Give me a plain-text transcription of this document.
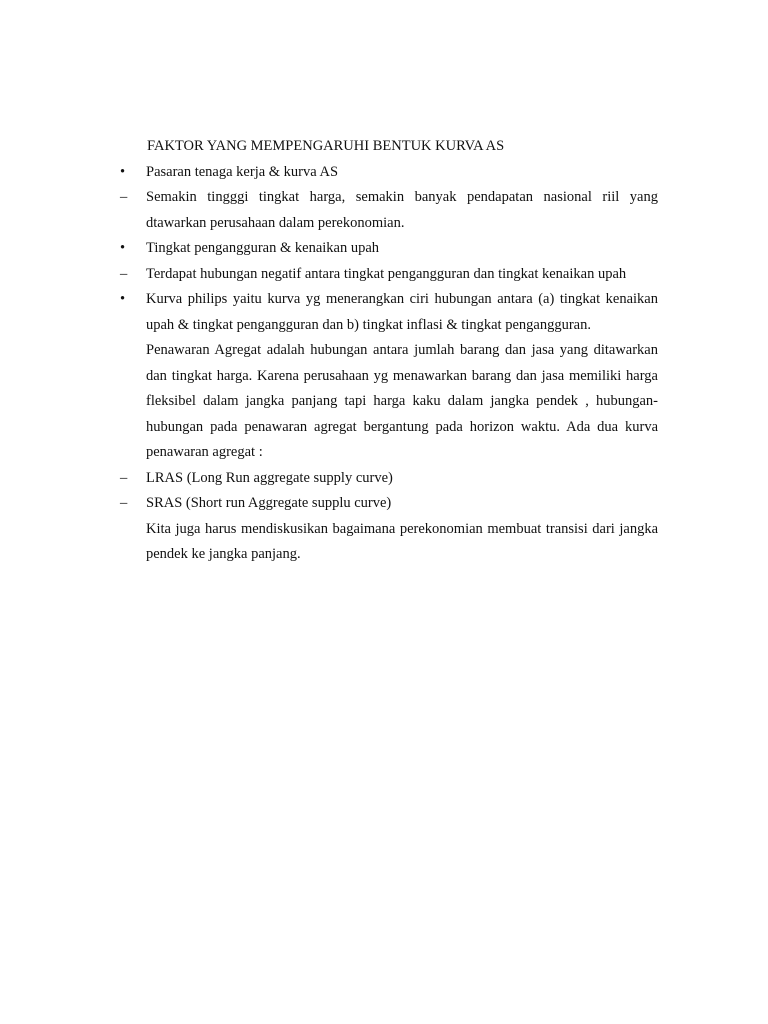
FAKTOR YANG MEMPENGARUHI BENTUK KURVA AS

•	Pasaran tenaga kerja & kurva AS

–	Semakin tingggi tingkat harga, semakin banyak pendapatan nasional riil yang dtawarkan perusahaan dalam perekonomian.

•	Tingkat pengangguran & kenaikan upah

–	Terdapat hubungan negatif antara tingkat pengangguran dan tingkat kenaikan upah

•	Kurva philips yaitu kurva yg menerangkan ciri hubungan antara (a) tingkat kenaikan upah & tingkat pengangguran dan b) tingkat inflasi & tingkat pengangguran.

Penawaran Agregat adalah hubungan antara jumlah barang dan jasa yang ditawarkan dan tingkat harga. Karena perusahaan yg menawarkan barang dan jasa memiliki harga fleksibel dalam jangka panjang tapi harga kaku dalam jangka pendek , hubungan-hubungan pada penawaran agregat bergantung pada horizon waktu. Ada dua kurva penawaran agregat :

–	LRAS (Long Run aggregate supply curve)

–	SRAS (Short run Aggregate supplu curve)

Kita juga harus mendiskusikan bagaimana perekonomian membuat transisi dari jangka pendek ke jangka panjang.
